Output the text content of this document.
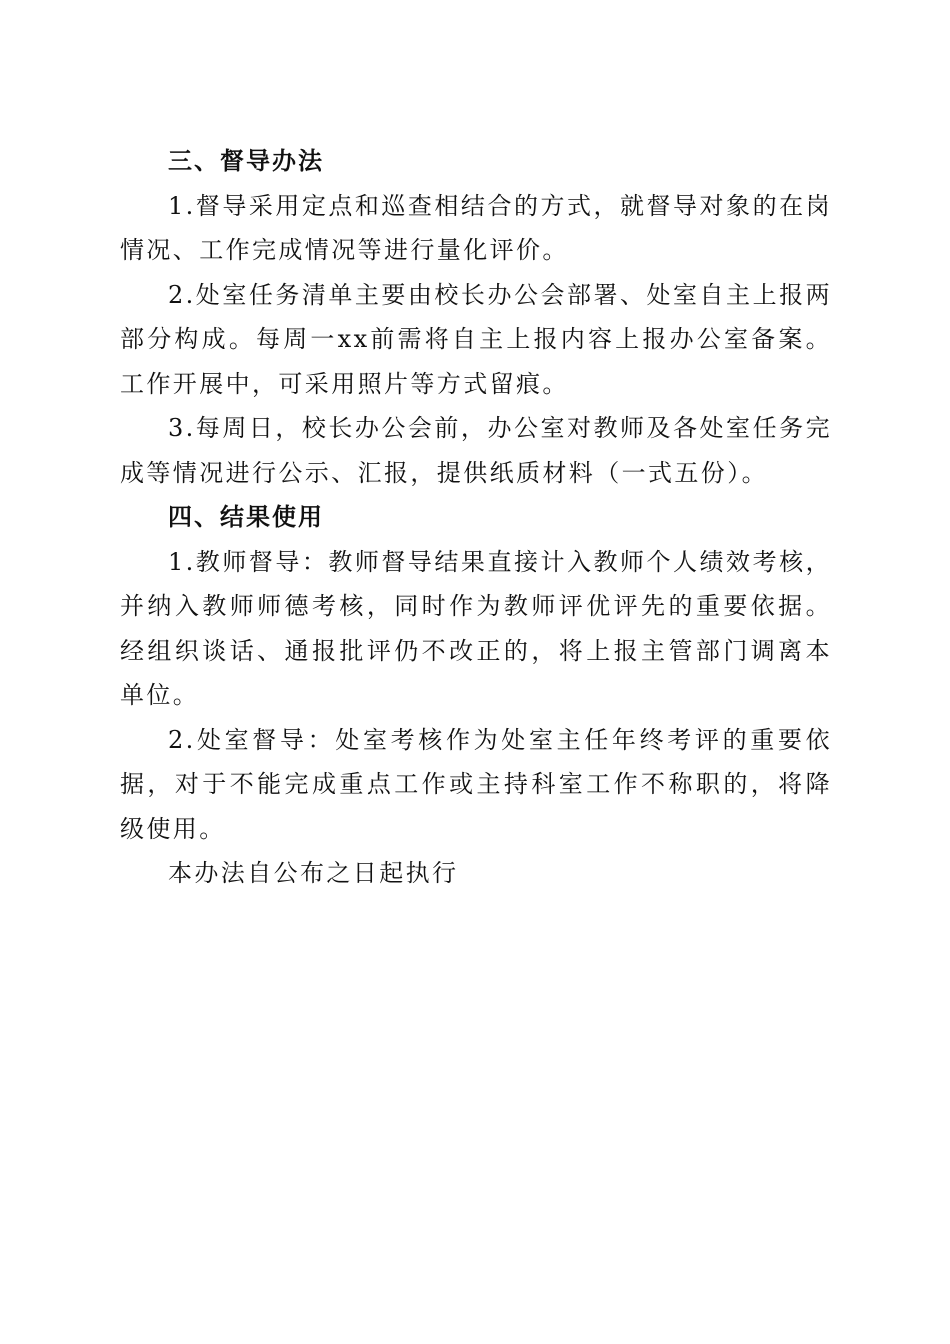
三、督导办法

1.督导采用定点和巡查相结合的方式，就督导对象的在岗情况、工作完成情况等进行量化评价。

2.处室任务清单主要由校长办公会部署、处室自主上报两部分构成。每周一xx前需将自主上报内容上报办公室备案。工作开展中，可采用照片等方式留痕。

3.每周日，校长办公会前，办公室对教师及各处室任务完成等情况进行公示、汇报，提供纸质材料（一式五份）。

四、结果使用

1.教师督导：教师督导结果直接计入教师个人绩效考核，并纳入教师师德考核，同时作为教师评优评先的重要依据。经组织谈话、通报批评仍不改正的，将上报主管部门调离本单位。

2.处室督导：处室考核作为处室主任年终考评的重要依据，对于不能完成重点工作或主持科室工作不称职的，将降级使用。

本办法自公布之日起执行
